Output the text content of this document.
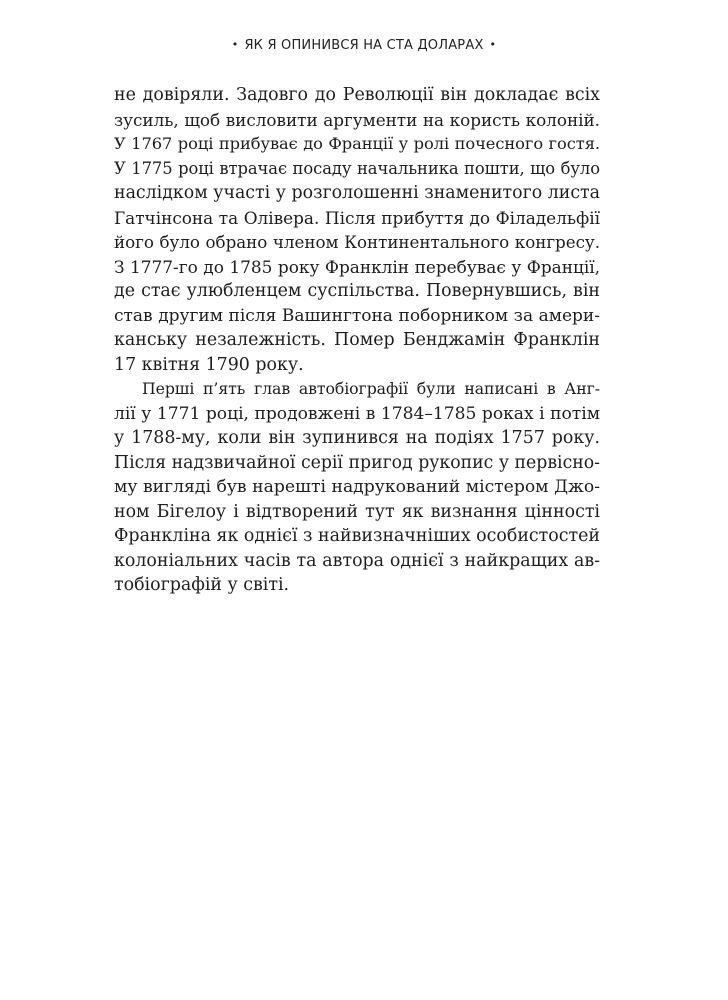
• ЯК Я ОПИНИВСЯ НА СТА ДОЛАРАХ •
не довіряли. Задовго до Революції він докладає всіх
зусиль, щоб висловити аргументи на користь колоній.
У 1767 році прибуває до Франції у ролі почесного гостя.
У 1775 році втрачає посаду начальника пошти, що було
наслідком участі у розголошенні знаменитого листа
Гатчінсона та Олівера. Після прибуття до Філадельфії
його було обрано членом Континентального конгресу.
З 1777-го до 1785 року Франклін перебуває у Франції,
де стає улюбленцем суспільства. Повернувшись, він
став другим після Вашингтона поборником за амери-
канську незалежність. Помер Бенджамін Франклін
17 квітня 1790 року.
Перші п’ять глав автобіографії були написані в Анг-
лії у 1771 році, продовжені в 1784–1785 роках і потім
у 1788-му, коли він зупинився на подіях 1757 року.
Після надзвичайної серії пригод рукопис у первісно-
му вигляді був нарешті надрукований містером Джо-
ном Бігелоу і відтворений тут як визнання цінності
Франкліна як однієї з найвизначніших особистостей
колоніальних часів та автора однієї з найкращих ав-
тобіографій у світі.
